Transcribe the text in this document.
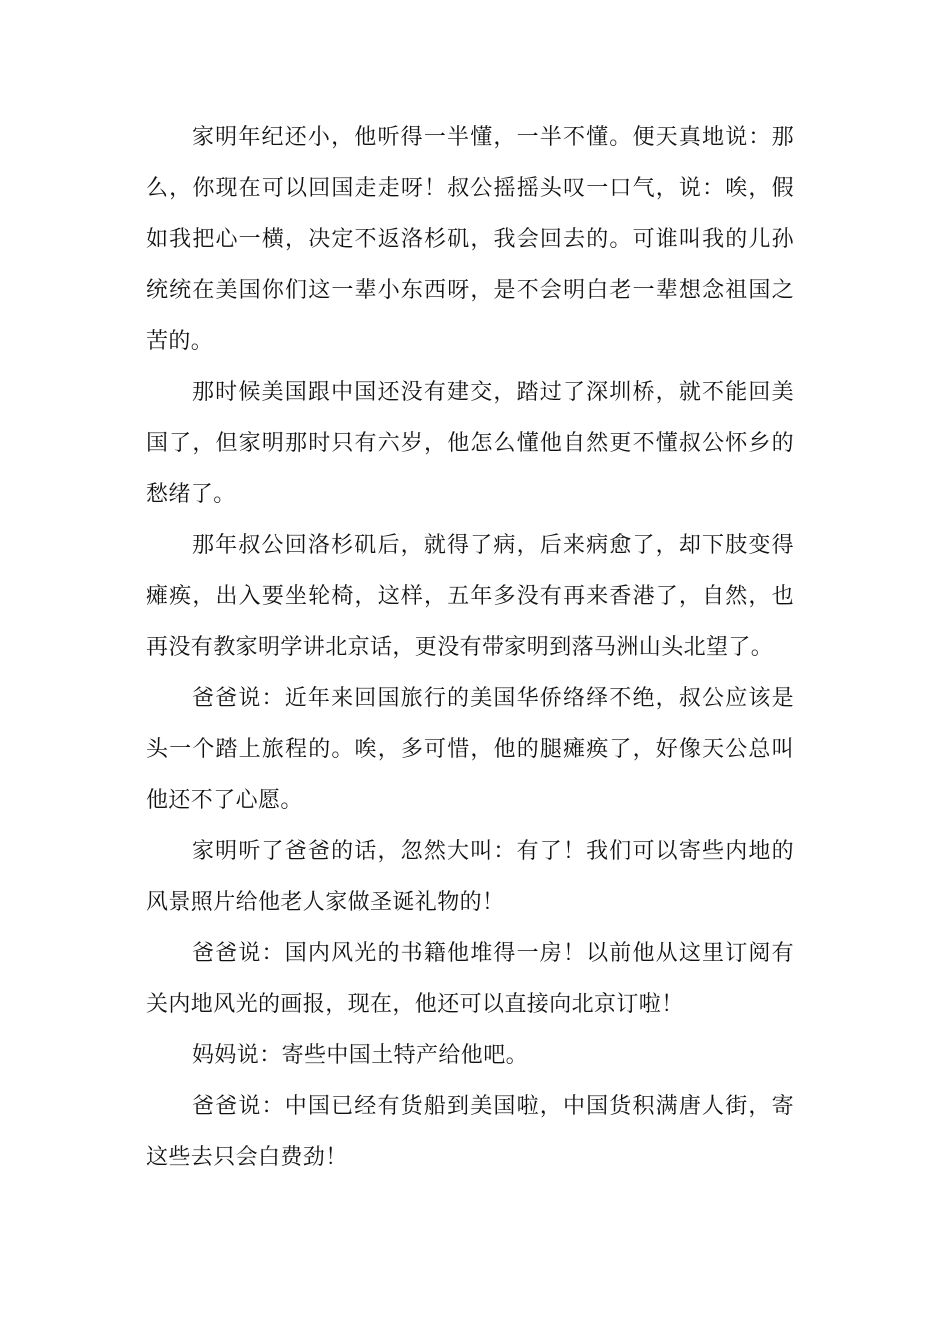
家明年纪还小，他听得一半懂，一半不懂。便天真地说：那么，你现在可以回国走走呀！叔公摇摇头叹一口气，说：唉，假如我把心一横，决定不返洛杉矶，我会回去的。可谁叫我的儿孙统统在美国你们这一辈小东西呀，是不会明白老一辈想念祖国之苦的。

那时候美国跟中国还没有建交，踏过了深圳桥，就不能回美国了，但家明那时只有六岁，他怎么懂他自然更不懂叔公怀乡的愁绪了。

那年叔公回洛杉矶后，就得了病，后来病愈了，却下肢变得瘫痪，出入要坐轮椅，这样，五年多没有再来香港了，自然，也再没有教家明学讲北京话，更没有带家明到落马洲山头北望了。

爸爸说：近年来回国旅行的美国华侨络绎不绝，叔公应该是头一个踏上旅程的。唉，多可惜，他的腿瘫痪了，好像天公总叫他还不了心愿。

家明听了爸爸的话，忽然大叫：有了！我们可以寄些内地的风景照片给他老人家做圣诞礼物的！

爸爸说：国内风光的书籍他堆得一房！以前他从这里订阅有关内地风光的画报，现在，他还可以直接向北京订啦！

妈妈说：寄些中国土特产给他吧。

爸爸说：中国已经有货船到美国啦，中国货积满唐人街，寄这些去只会白费劲！
